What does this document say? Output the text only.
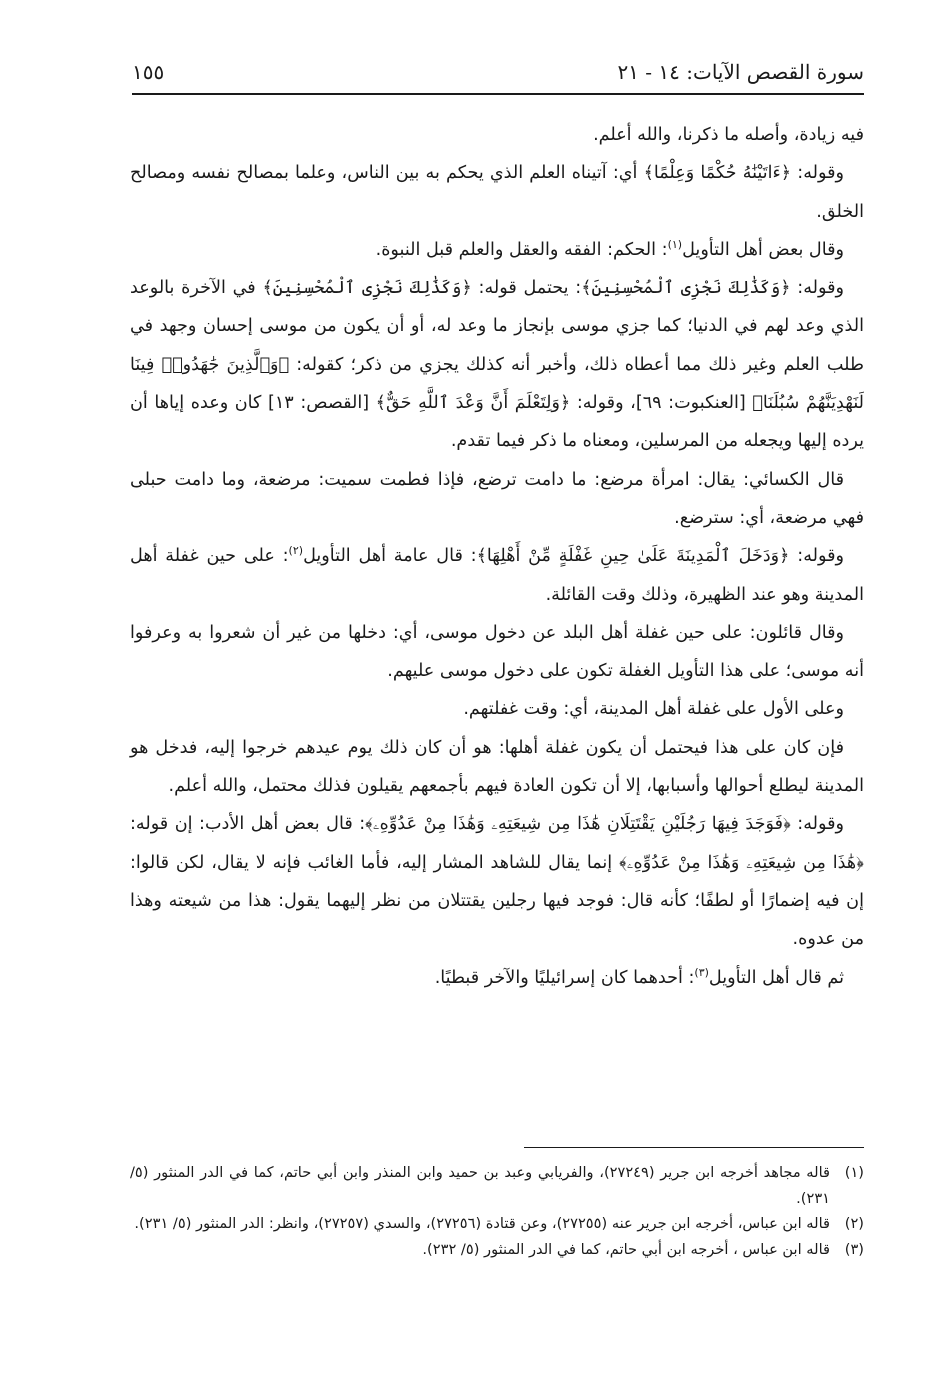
سورة القصص الآيات: ١٤ - ٢١
١٥٥

فيه زيادة، وأصله ما ذكرنا، والله أعلم.

وقوله: ﴿ءَاتَيْنَٰهُ حُكْمًا وَعِلْمًا﴾ أي: آتيناه العلم الذي يحكم به بين الناس، وعلما بمصالح نفسه ومصالح الخلق.

وقال بعض أهل التأويل$^{(١)}$: الحكم: الفقه والعقل والعلم قبل النبوة.

وقوله: ﴿وَكَذَٰلِكَ نَجْزِى ٱلْمُحْسِنِينَ﴾: يحتمل قوله: ﴿وَكَذَٰلِكَ نَجْزِى ٱلْمُحْسِنِينَ﴾ في الآخرة بالوعد الذي وعد لهم في الدنيا؛ كما جزي موسى بإنجاز ما وعد له، أو أن يكون من موسى إحسان وجهد في طلب العلم وغير ذلك مما أعطاه ذلك، وأخبر أنه كذلك يجزي من ذكر؛ كقوله: ﴿وَٱلَّذِينَ جَٰهَدُوا۟ فِينَا لَنَهْدِيَنَّهُمْ سُبُلَنَا﴾ [العنكبوت: ٦٩]، وقوله: ﴿وَلِتَعْلَمَ أَنَّ وَعْدَ ٱللَّهِ حَقٌّ﴾ [القصص: ١٣] كان وعده إياها أن يرده إليها ويجعله من المرسلين، ومعناه ما ذكر فيما تقدم.

قال الكسائي: يقال: امرأة مرضع: ما دامت ترضع، فإذا فطمت سميت: مرضعة، وما دامت حبلى فهي مرضعة، أي: سترضع.

وقوله: ﴿وَدَخَلَ ٱلْمَدِينَةَ عَلَىٰ حِينِ غَفْلَةٍ مِّنْ أَهْلِهَا﴾: قال عامة أهل التأويل$^{(٢)}$: على حين غفلة أهل المدينة وهو عند الظهيرة، وذلك وقت القائلة.

وقال قائلون: على حين غفلة أهل البلد عن دخول موسى، أي: دخلها من غير أن شعروا به وعرفوا أنه موسى؛ على هذا التأويل الغفلة تكون على دخول موسى عليهم.

وعلى الأول على غفلة أهل المدينة، أي: وقت غفلتهم.

فإن كان على هذا فيحتمل أن يكون غفلة أهلها: هو أن كان ذلك يوم عيدهم خرجوا إليه، فدخل هو المدينة ليطلع أحوالها وأسبابها، إلا أن تكون العادة فيهم بأجمعهم يقيلون فذلك محتمل، والله أعلم.

وقوله: ﴿فَوَجَدَ فِيهَا رَجُلَيْنِ يَقْتَتِلَانِ هَٰذَا مِن شِيعَتِهِۦ وَهَٰذَا مِنْ عَدُوِّهِۦ﴾: قال بعض أهل الأدب: إن قوله: ﴿هَٰذَا مِن شِيعَتِهِۦ وَهَٰذَا مِنْ عَدُوِّهِۦ﴾ إنما يقال للشاهد المشار إليه، فأما الغائب فإنه لا يقال، لكن قالوا: إن فيه إضمارًا أو لطفًا؛ كأنه قال: فوجد فيها رجلين يقتتلان من نظر إليهما يقول: هذا من شيعته وهذا من عدوه.

ثم قال أهل التأويل$^{(٣)}$: أحدهما كان إسرائيليًا والآخر قبطيًا.

(١)
قاله مجاهد أخرجه ابن جرير (٢٧٢٤٩)، والفريابي وعبد بن حميد وابن المنذر وابن أبي حاتم، كما في الدر المنثور (٥/ ٢٣١).
(٢)
قاله ابن عباس، أخرجه ابن جرير عنه (٢٧٢٥٥)، وعن قتادة (٢٧٢٥٦)، والسدي (٢٧٢٥٧)، وانظر: الدر المنثور (٥/ ٢٣١).
(٣)
قاله ابن عباس ، أخرجه ابن أبي حاتم، كما في الدر المنثور (٥/ ٢٣٢).
